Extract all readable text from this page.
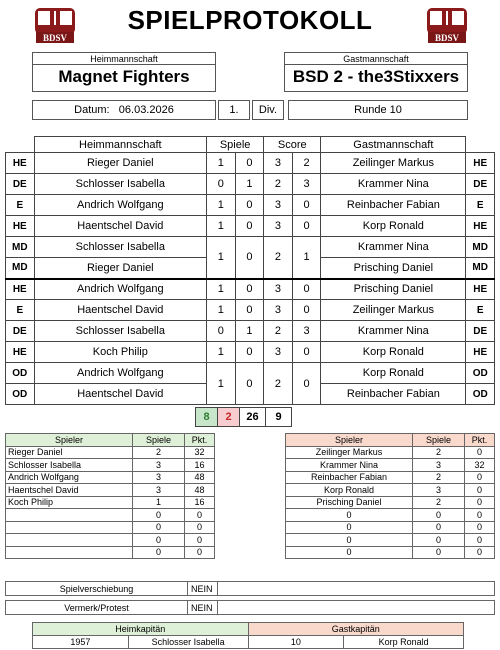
BDSV	BDSV
SPIELPROTOKOLL
Heimmannschaft
Magnet Fighters
Gastmannschaft
BSD 2 - the3Stixxers
Datum:
06.03.2026	1.	Div.	Runde 10
	Heimmannschaft	Spiele		Score		Gastmannschaft	
HE	Rieger Daniel	1	0	3	2	Zeilinger Markus	HE
DE	Schlosser Isabella	0	1	2	3	Krammer Nina	DE
E	Andrich Wolfgang	1	0	3	0	Reinbacher Fabian	E
HE	Haentschel David	1	0	3	0	Korp Ronald	HE
MD	Schlosser Isabella	1	0	2	1	Krammer Nina	MD
MD	Rieger Daniel					Prisching Daniel	MD
HE	Andrich Wolfgang	1	0	3	0	Prisching Daniel	HE
E	Haentschel David	1	0	3	0	Zeilinger Markus	E
DE	Schlosser Isabella	0	1	2	3	Krammer Nina	DE
HE	Koch Philip	1	0	3	0	Korp Ronald	HE
OD	Andrich Wolfgang	1	0	2	0	Korp Ronald	OD
OD	Haentschel David					Reinbacher Fabian	OD
8	2	26	9
Spieler	Spiele	Pkt.
Rieger Daniel	2	32
Schlosser Isabella	3	16
Andrich Wolfgang	3	48
Haentschel David	3	48
Koch Philip	1	16
	0	0
	0	0
	0	0
	0	0
Spieler	Spiele	Pkt.
Zeilinger Markus	2	0
Krammer Nina	3	32
Reinbacher Fabian	2	0
Korp Ronald	3	0
Prisching Daniel	2	0
0	0	0
0	0	0
0	0	0
0	0	0
Spielverschiebung	NEIN
Vermerk/Protest	NEIN
Heimkapitän		Gastkapitän	
1957	Schlosser Isabella	10	Korp Ronald
